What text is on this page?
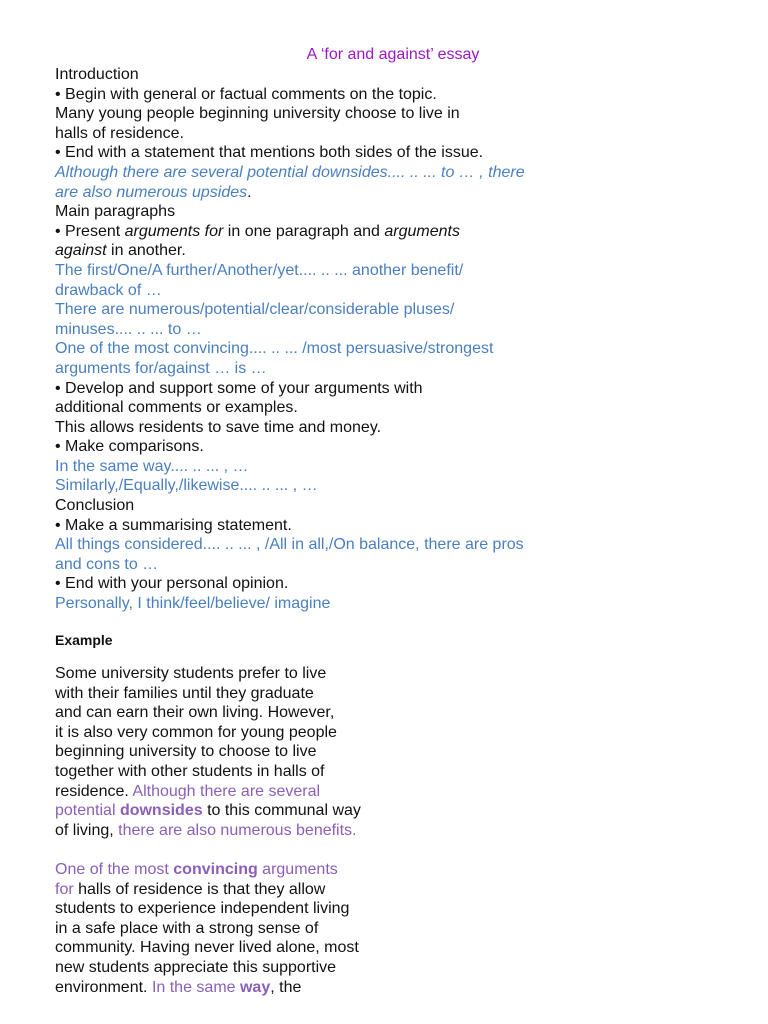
A ‘for and against’ essay
Introduction
• Begin with general or factual comments on the topic.
Many young people beginning university choose to live in
halls of residence.
• End with a statement that mentions both sides of the issue.
Although there are several potential downsides.... .. ... to … , there
are also numerous upsides.
Main paragraphs
• Present arguments for in one paragraph and arguments
against in another.
The first/One/A further/Another/yet.... .. ... another benefit/
drawback of …
There are numerous/potential/clear/considerable pluses/
minuses.... .. ... to …
One of the most convincing.... .. ... /most persuasive/strongest
arguments for/against … is …
• Develop and support some of your arguments with
additional comments or examples.
This allows residents to save time and money.
• Make comparisons.
In the same way.... .. ... , …
Similarly,/Equally,/likewise.... .. ... , …
Conclusion
• Make a summarising statement.
All things considered.... .. ... , /All in all,/On balance, there are pros
and cons to …
• End with your personal opinion.
Personally, I think/feel/believe/ imagine
Example
Some university students prefer to live
with their families until they graduate
and can earn their own living. However,
it is also very common for young people
beginning university to choose to live
together with other students in halls of
residence. Although there are several
potential downsides to this communal way
of living, there are also numerous benefits.
One of the most convincing arguments
for halls of residence is that they allow
students to experience independent living
in a safe place with a strong sense of
community. Having never lived alone, most
new students appreciate this supportive
environment. In the same way, the
